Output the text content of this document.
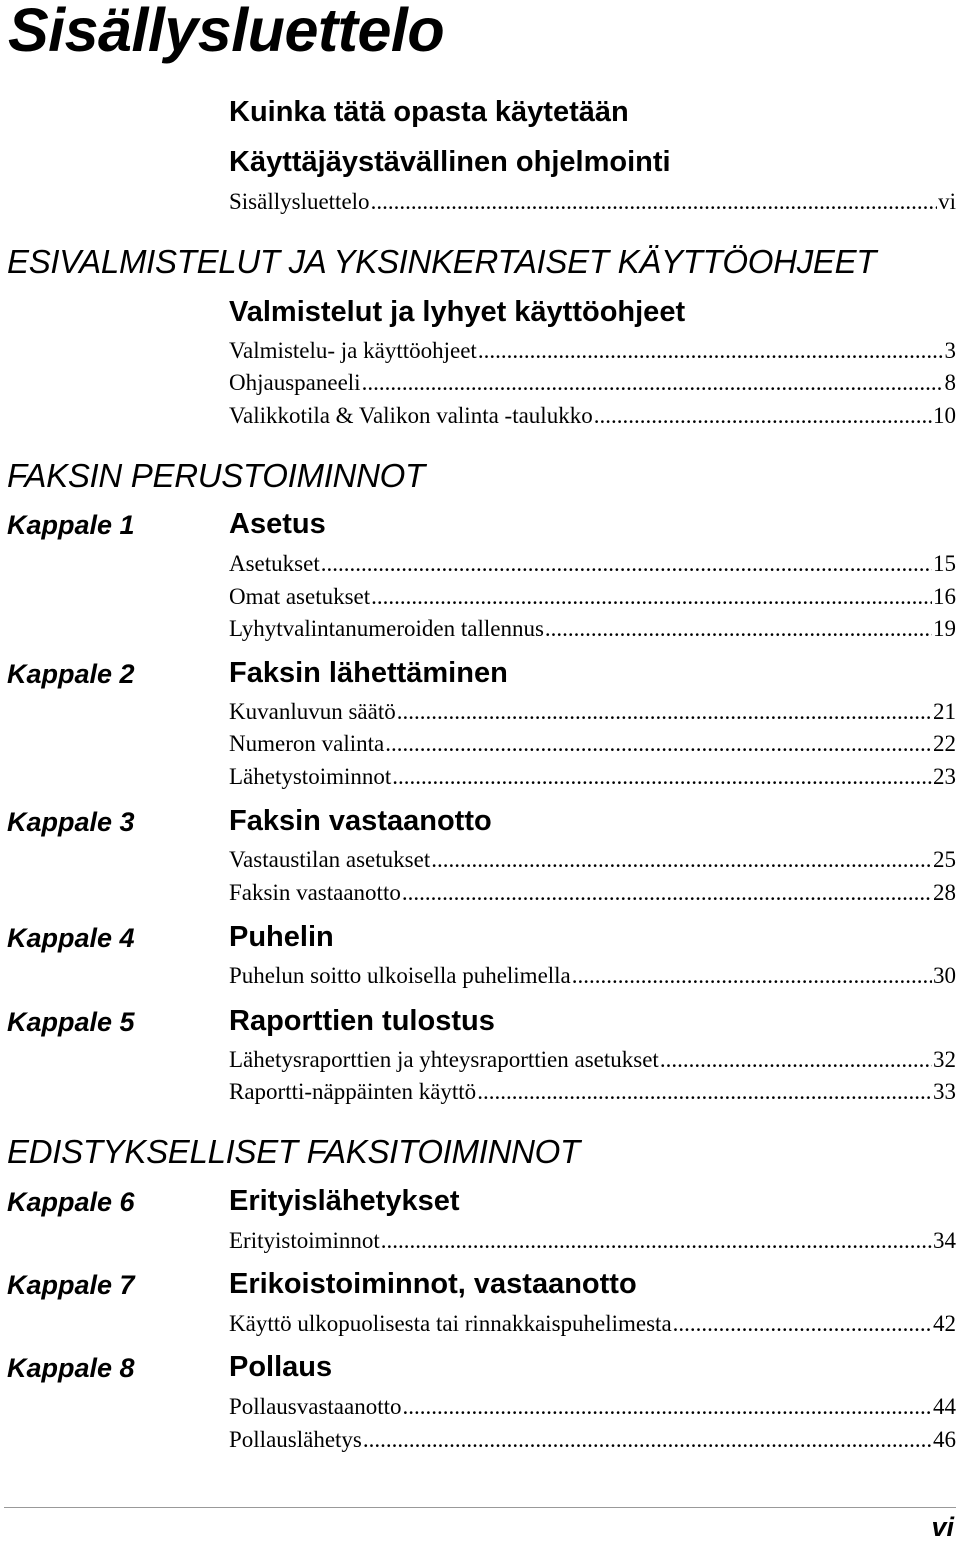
Sisällysluettelo
Kuinka tätä opasta käytetään
Käyttäjäystävällinen ohjelmointi
Sisällysluettelo .....	vi
ESIVALMISTELUT JA YKSINKERTAISET KÄYTTÖOHJEET
Valmistelut ja lyhyet käyttöohjeet
Valmistelu- ja käyttöohjeet .....	3
Ohjauspaneeli .....	8
Valikkotila & Valikon valinta -taulukko .....	10
FAKSIN PERUSTOIMINNOT
Kappale 1	Asetus
Asetukset .....	15
Omat asetukset .....	16
Lyhytvalintanumeroiden tallennus .....	19
Kappale 2	Faksin lähettäminen
Kuvanluvun säätö .....	21
Numeron valinta .....	22
Lähetystoiminnot .....	23
Kappale 3	Faksin vastaanotto
Vastaustilan asetukset .....	25
Faksin vastaanotto .....	28
Kappale 4	Puhelin
Puhelun soitto ulkoisella puhelimella .....	30
Kappale 5	Raporttien tulostus
Lähetysraporttien ja yhteysraporttien asetukset .....	32
Raportti-näppäinten käyttö .....	33
EDISTYKSELLISET FAKSITOIMINNOT
Kappale 6	Erityislähetykset
Erityistoiminnot .....	34
Kappale 7	Erikoistoiminnot, vastaanotto
Käyttö ulkopuolisesta tai rinnakkaispuhelimesta .....	42
Kappale 8	Pollaus
Pollausvastaanotto .....	44
Pollauslähetys .....	46
vi
